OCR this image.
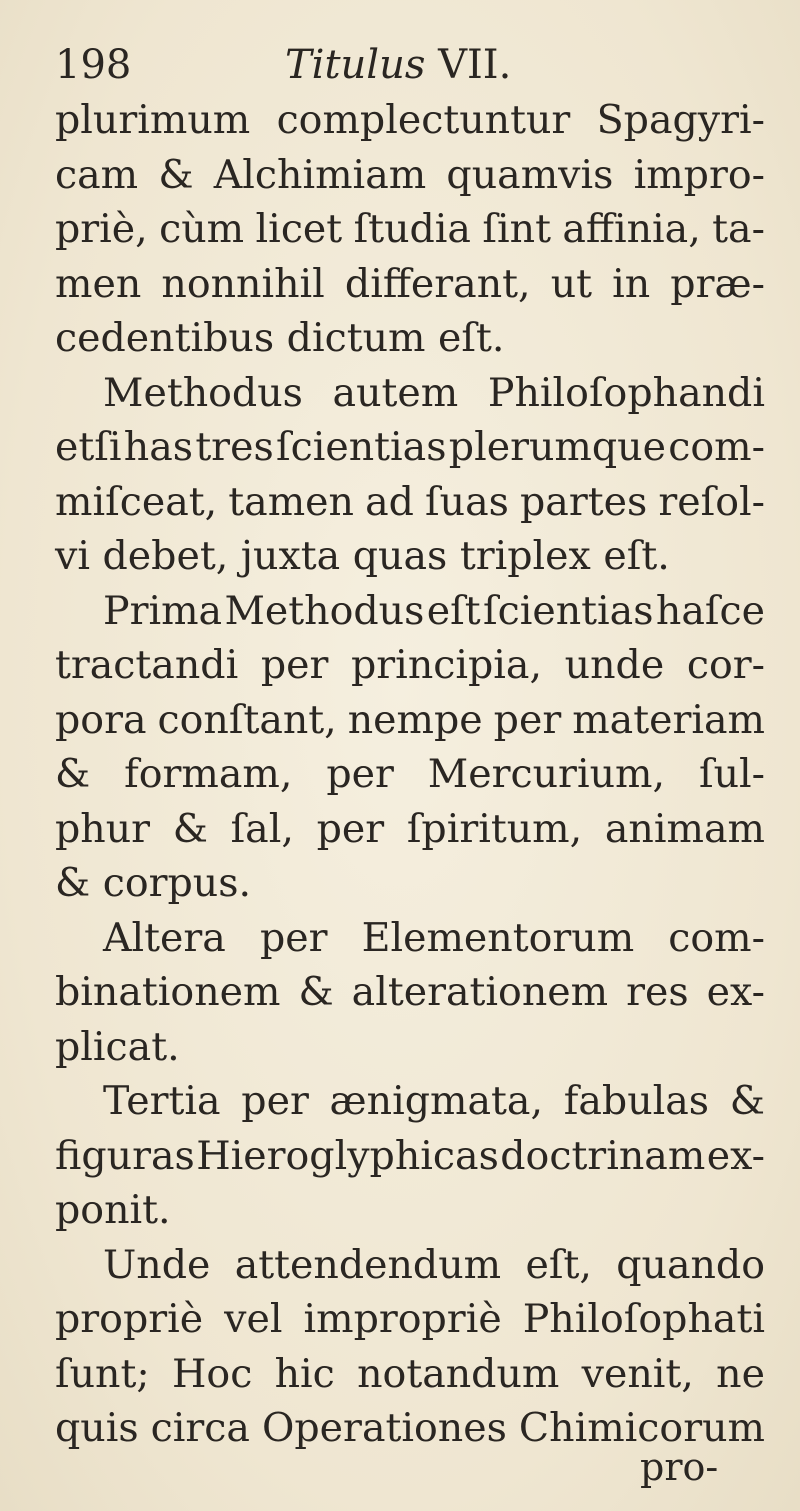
198	Titulus VII.
plurimum complectuntur Spagyri-
cam & Alchimiam quamvis impro-
priè, cùm licet ſtudia ſint affinia, ta-
men nonnihil differant, ut in præ-
cedentibus dictum eſt.
Methodus autem Philoſophandi
etſi has tres ſcientias plerumque com-
miſceat, tamen ad ſuas partes reſol-
vi debet, juxta quas triplex eſt.
Prima Methodus eſt ſcientias haſce
tractandi per principia, unde cor-
pora conſtant, nempe per materiam
& formam, per Mercurium, ſul-
phur & ſal, per ſpiritum, animam
& corpus.
Altera per Elementorum com-
binationem & alterationem res ex-
plicat.
Tertia per ænigmata, fabulas &
figuras Hieroglyphicas doctrinam ex-
ponit.
Unde attendendum eſt, quando
propriè vel impropriè Philoſophati
ſunt; Hoc hic notandum venit, ne
quis circa Operationes Chimicorum
pro-
